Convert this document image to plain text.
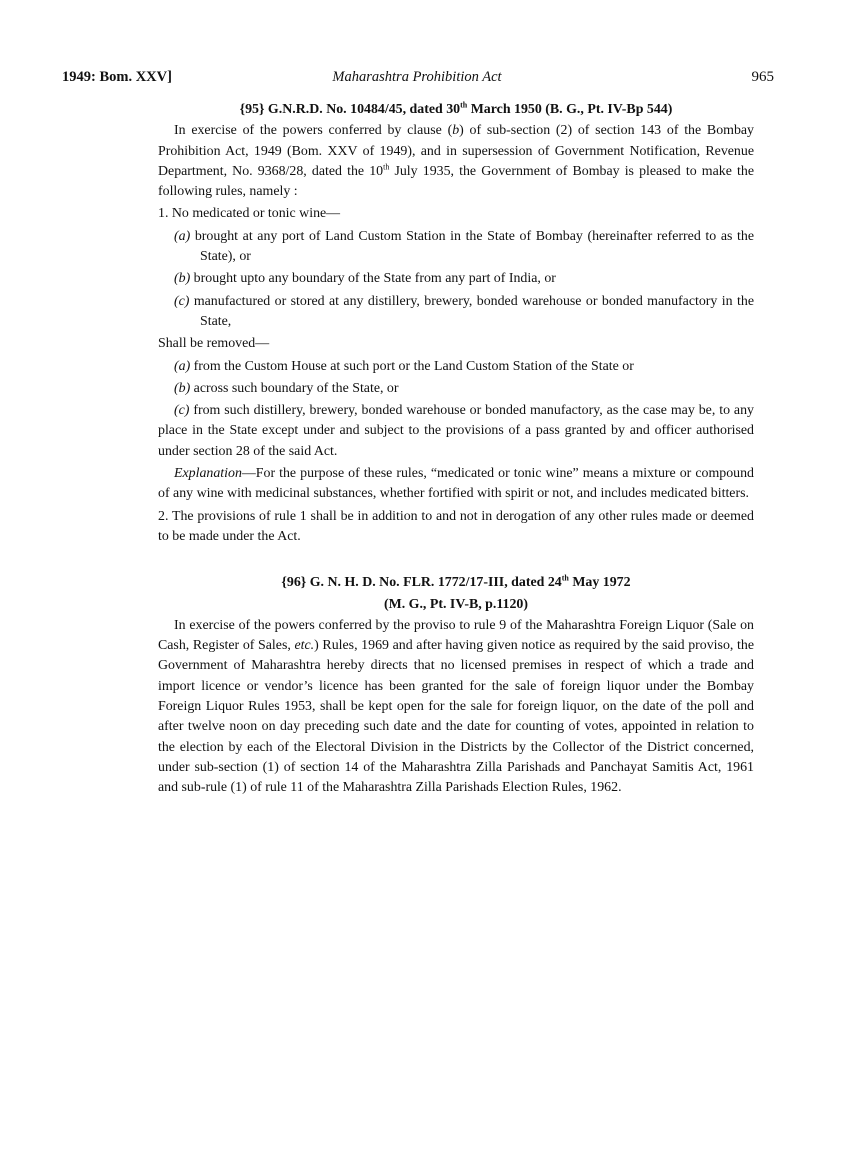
1949: Bom. XXV]	Maharashtra Prohibition Act	965
{95} G.N.R.D. No. 10484/45, dated 30th March 1950 (B. G., Pt. IV-Bp 544)

In exercise of the powers conferred by clause (b) of sub-section (2) of section 143 of the Bombay Prohibition Act, 1949 (Bom. XXV of 1949), and in supersession of Government Notification, Revenue Department, No. 9368/28, dated the 10th July 1935, the Government of Bombay is pleased to make the following rules, namely :

1. No medicated or tonic wine—

(a) brought at any port of Land Custom Station in the State of Bombay (hereinafter referred to as the State), or

(b) brought upto any boundary of the State from any part of India, or

(c) manufactured or stored at any distillery, brewery, bonded warehouse or bonded manufactory in the State,

Shall be removed—

(a) from the Custom House at such port or the Land Custom Station of the State or

(b) across such boundary of the State, or

(c) from such distillery, brewery, bonded warehouse or bonded manufactory, as the case may be, to any place in the State except under and subject to the provisions of a pass granted by and officer authorised under section 28 of the said Act.

Explanation—For the purpose of these rules, “medicated or tonic wine” means a mixture or compound of any wine with medicinal substances, whether fortified with spirit or not, and includes medicated bitters.

2. The provisions of rule 1 shall be in addition to and not in derogation of any other rules made or deemed to be made under the Act.

{96} G. N. H. D. No. FLR. 1772/17-III, dated 24th May 1972
(M. G., Pt. IV-B, p.1120)

In exercise of the powers conferred by the proviso to rule 9 of the Maharashtra Foreign Liquor (Sale on Cash, Register of Sales, etc.) Rules, 1969 and after having given notice as required by the said proviso, the Government of Maharashtra hereby directs that no licensed premises in respect of which a trade and import licence or vendor’s licence has been granted for the sale of foreign liquor under the Bombay Foreign Liquor Rules 1953, shall be kept open for the sale for foreign liquor, on the date of the poll and after twelve noon on day preceding such date and the date for counting of votes, appointed in relation to the election by each of the Electoral Division in the Districts by the Collector of the District concerned, under sub-section (1) of section 14 of the Maharashtra Zilla Parishads and Panchayat Samitis Act, 1961 and sub-rule (1) of rule 11 of the Maharashtra Zilla Parishads Election Rules, 1962.
